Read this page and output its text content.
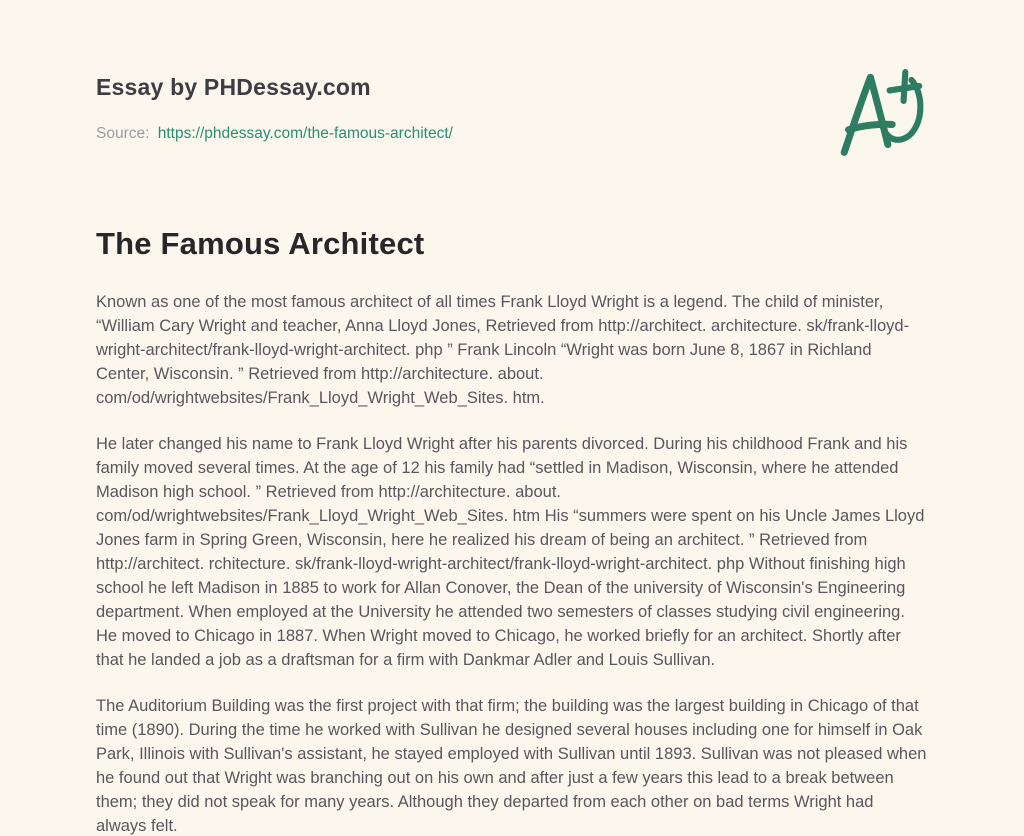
Essay by PHDessay.com

Source: https://phdessay.com/the-famous-architect/

The Famous Architect

Known as one of the most famous architect of all times Frank Lloyd Wright is a legend. The child of minister, “William Cary Wright and teacher, Anna Lloyd Jones, Retrieved from http://architect. architecture. sk/frank-lloyd-wright-architect/frank-lloyd-wright-architect. php ” Frank Lincoln “Wright was born June 8, 1867 in Richland Center, Wisconsin. ” Retrieved from http://architecture. about. com/od/wrightwebsites/Frank_Lloyd_Wright_Web_Sites. htm.

He later changed his name to Frank Lloyd Wright after his parents divorced. During his childhood Frank and his family moved several times. At the age of 12 his family had “settled in Madison, Wisconsin, where he attended Madison high school. ” Retrieved from http://architecture. about. com/od/wrightwebsites/Frank_Lloyd_Wright_Web_Sites. htm His “summers were spent on his Uncle James Lloyd Jones farm in Spring Green, Wisconsin, here he realized his dream of being an architect. ” Retrieved from http://architect. rchitecture. sk/frank-lloyd-wright-architect/frank-lloyd-wright-architect. php Without finishing high school he left Madison in 1885 to work for Allan Conover, the Dean of the university of Wisconsin's Engineering department. When employed at the University he attended two semesters of classes studying civil engineering. He moved to Chicago in 1887. When Wright moved to Chicago, he worked briefly for an architect. Shortly after that he landed a job as a draftsman for a firm with Dankmar Adler and Louis Sullivan.

The Auditorium Building was the first project with that firm; the building was the largest building in Chicago of that time (1890). During the time he worked with Sullivan he designed several houses including one for himself in Oak Park, Illinois with Sullivan's assistant, he stayed employed with Sullivan until 1893. Sullivan was not pleased when he found out that Wright was branching out on his own and after just a few years this lead to a break between them; they did not speak for many years. Although they departed from each other on bad terms Wright had always felt.
